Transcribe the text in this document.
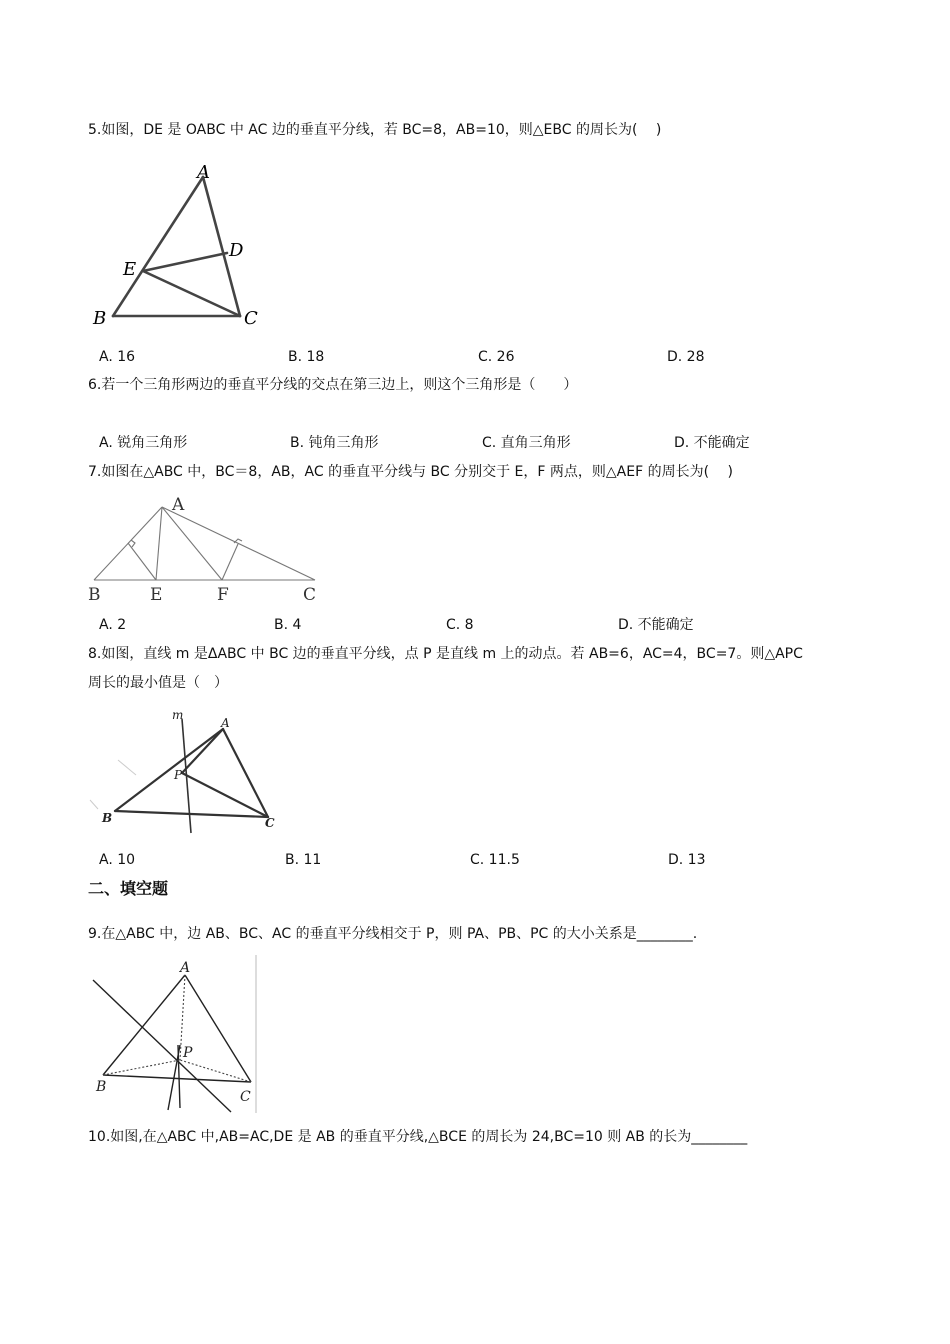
5.如图，DE 是 OABC 中 AC 边的垂直平分线，若 BC=8，AB=10，则△EBC 的周长为(　 )
A
D
E
B	C
A. 16	B. 18	C. 26	D. 28
6.若一个三角形两边的垂直平分线的交点在第三边上，则这个三角形是（　　）
A. 锐角三角形	B. 钝角三角形	C. 直角三角形	D. 不能确定
7.如图在△ABC 中，BC＝8，AB，AC 的垂直平分线与 BC 分别交于 E，F 两点，则△AEF 的周长为(　 )
A
B	E	F	C
A. 2	B. 4	C. 8	D. 不能确定
8.如图，直线 m 是ΔABC 中 BC 边的垂直平分线，点 P 是直线 m 上的动点。若 AB=6，AC=4，BC=7。则△APC
周长的最小值是（　）
m
A
P
B	C
A. 10	B. 11	C. 11.5	D. 13
二、填空题
9.在△ABC 中，边 AB、BC、AC 的垂直平分线相交于 P，则 PA、PB、PC 的大小关系是________.
A
P
B
C
10.如图,在△ABC 中,AB=AC,DE 是 AB 的垂直平分线,△BCE 的周长为 24,BC=10 则 AB 的长为________
